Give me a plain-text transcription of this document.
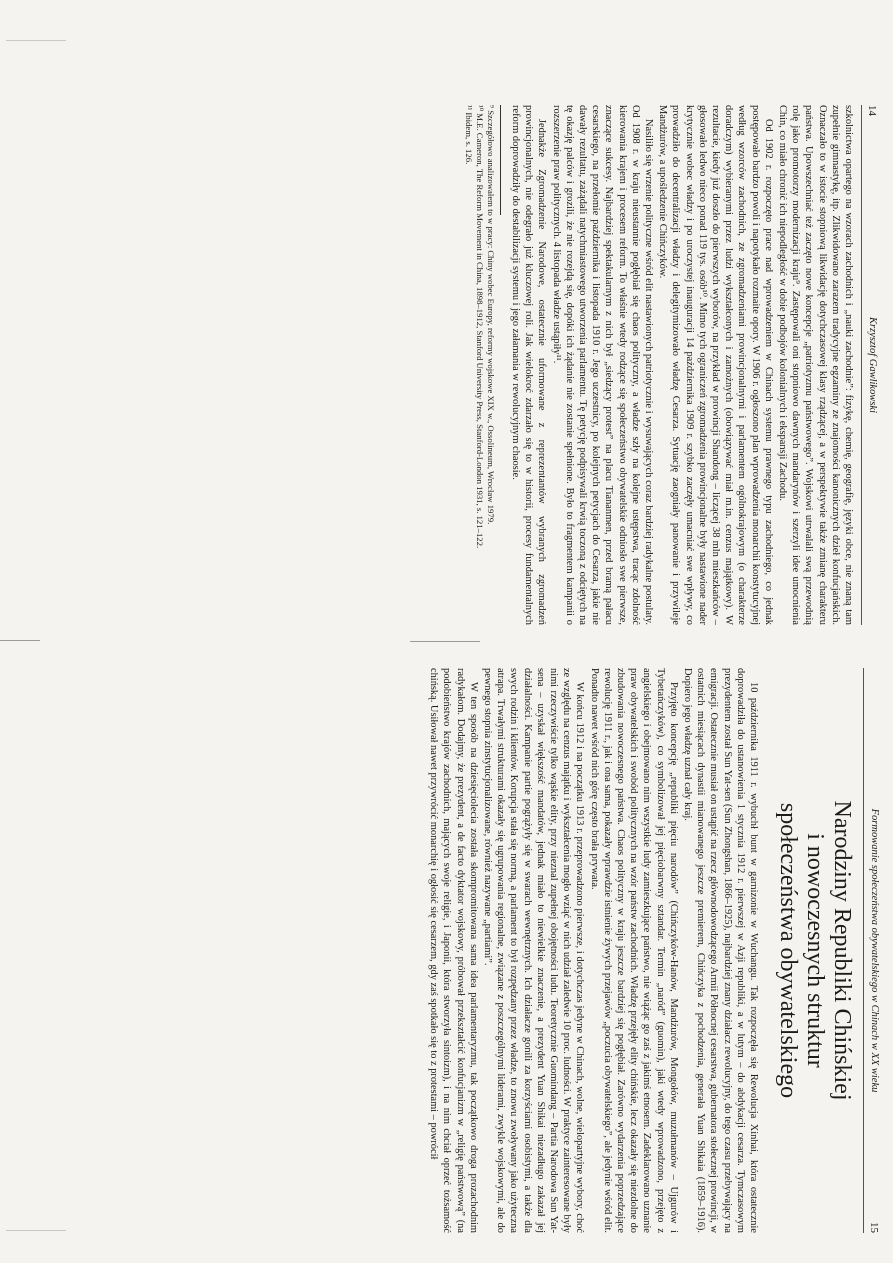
14
Krzysztof Gawlikowski

szkolnictwa opartego na wzorach zachodnich i „nauki zachodnie”: fizykę, chemię, geografię, języki obce, nie znaną tam zupełnie gimnastykę, itp. Zlikwidowano zarazem tradycyjne egzaminy ze znajomości kanonicznych dzieł konfucjańskich. Oznaczało to w istocie stopniową likwidację dotychczasowej klasy rządzącej, a w perspektywie także zmianę charakteru państwa. Upowszechniać też zaczęto nowe koncepcje „patriotyzmu państwowego”. Wojskowi utrwalali swą przewodnią rolę jako promotorzy modernizacji kraju⁹. Zastępowali oni stopniowo dawnych mandarynów i szerzyli idee umocnienia Chin, co miało chronić ich niepodległość w dobie podbojów kolonialnych i ekspansji Zachodu.

Od 1902 r. rozpoczęto prace nad wprowadzeniem w Chinach systemu prawnego typu zachodniego, co jednak postępowało bardzo powoli i napotykało rozmaite opory. W 1906 r. ogłoszono plan wprowadzenia monarchii konstytucyjnej według wzorców zachodnich, ze zgromadzeniami prowincjonalnymi i parlamentem ogólnokrajowym (o charakterze doradczym) wybieranymi przez ludzi wykształconych i zamożnych (obowiązywać miał m.in. cenzus majątkowy). W rezultacie, kiedy już doszło do pierwszych wyborów, na przykład w prowincji Shandong – liczącej 38 mln mieszkańców – głosowało ledwo nieco ponad 119 tys. osób¹⁰. Mimo tych ograniczeń zgromadzenia prowincjonalne były nastawione nader krytycznie wobec władzy i po uroczystej inauguracji 14 października 1909 r. szybko zaczęły umacniać swe wpływy, co prowadziło do decentralizacji władzy i delegitymizowało władzę Cesarza. Sytuację zaogniały panowanie i przywileje Mandżurów, a upośledzenie Chińczyków.

Nasiliło się wrzenie polityczne wśród elit nastawionych patriotycznie i wysuwających coraz bardziej radykalne postulaty. Od 1908 r. w kraju nieustannie pogłębiał się chaos polityczny, a władze szły na kolejne ustępstwa, tracąc zdolność kierowania krajem i procesem reform. To właśnie wtedy rodzące się społeczeństwo obywatelskie odniosło swe pierwsze, znaczące sukcesy. Najbardziej spektakularnym z nich był „siedzący protest” na placu Tiananmen, przed bramą pałacu cesarskiego, na przełomie października i listopada 1910 r. Jego uczestnicy, po kolejnych petycjach do Cesarza, jakie nie dawały rezultatu, zażądali natychmiastowego utworzenia parlamentu. Tę petycję podpisywali krwią toczoną z odciętych na tę okazję palców i grozili, że nie rozejdą się, dopóki ich żądanie nie zostanie spełnione. Było to fragmentem kampanii o rozszerzenie praw politycznych. 4 listopada władze ustąpiły¹¹.

Jednakże Zgromadzenie Narodowe, ostatecznie uformowane z reprezentantów wybranych zgromadzeń prowincjonalnych, nie odegrało już kluczowej roli. Jak wielokroć zdarzało się to w historii, procesy fundamentalnych reform doprowadziły do destabilizacji systemu i jego załamania w rewolucyjnym chaosie.

⁹ Szczegółowo analizowałem to w pracy: Chiny wobec Europy, reformy wojskowe XIX w., Ossolineum, Wrocław 1979.

¹⁰ M.E. Cameron, The Reform Movement in China, 1898–1912, Stanford University Press, Stanford-London 1931, s. 121–122.

¹¹ Ibidem, s. 126.

Formowanie społeczeństwa obywatelskiego w Chinach w XX wieku
15
Narodziny Republiki Chińskiej
i nowoczesnych struktur
społeczeństwa obywatelskiego

10 października 1911 r. wybuchł bunt w garnizonie w Wuchangu. Tak rozpoczęła się Rewolucja Xinhai, która ostatecznie doprowadziła do ustanowienia 1 stycznia 1912 r. pierwszej w Azji republiki, a w lutym – do abdykacji cesarza. Tymczasowym prezydentem został Sun Yat-sen (Sun Zhongshan, 1866–1925), najbardziej znany działacz rewolucyjny, do tego czasu przebywający na emigracji. Ostatecznie musiał on ustąpić na rzecz głównodowodzącego Armii Północnej cesarstwa, gubernatora stołecznej prowincji, w ostatnich miesiącach dynastii mianowanego jeszcze premierem, Chińczyka z pochodzenia, generała Yuan Shikaia (1859–1916). Dopiero jego władzę uznał cały kraj.

Przyjęto koncepcję „republiki pięciu narodów” (Chińczyków-Hanów, Mandżurów, Mongołów, muzułmanów – Ujgurów i Tybetańczyków), co symbolizował jej pięciobarwny sztandar. Termin „naród” (guomin), jaki wtedy wprowadzono, przejęto z angielskiego i obejmowano nim wszystkie ludy zamieszkujące państwo, nie wiążąc go zaś z jakimś etnosem. Zadeklarowano uznanie praw obywatelskich i swobód politycznych na wzór państw zachodnich. Władzę przejęły elity chińskie, lecz okazały się niezdolne do zbudowania nowoczesnego państwa. Chaos polityczny w kraju jeszcze bardziej się pogłębiał. Zarówno wydarzenia poprzedzające rewolucję 1911 r., jak i ona sama, pokazały wprawdzie istnienie żywych przejawów „poczucia obywatelskiego”, ale jedynie wśród elit. Ponadto nawet wśród nich górę często brała prywata.

W końcu 1912 i na początku 1913 r. przeprowadzono pierwsze, i dotychczas jedyne w Chinach, wolne, wielopartyjne wybory, choć ze względu na cenzus majątku i wykształcenia mogło wziąć w nich udział zaledwie 10 proc. ludności. W praktyce zainteresowane były nimi rzeczywiście tylko wąskie elity, przy nieznal zupełnej obojętności ludu. Teoretycznie Guomindang – Partia Narodowa Sun Yat-sena – uzyskał większość mandatów, jednak miało to niewielkie znaczenie, a prezydent Yuan Shikai niezadługo zakazał jej działalności. Kampanie partie pogrążyły się w swarach wewnętrznych. Ich działacze gonili za korzyściami osobistymi, a także dla swych rodzin i klientów. Korupcja stała się normą, a parlament to był rozpędzany przez władze, to znowu zwoływany jako użyteczna atrapa. Trwałymi strukturami okazały się ugrupowania regionalne, związane z poszczególnymi liderami, zwykle wojskowymi, ale do pewnego stopnia zinstytucjonalizowane, również nazywane „partiami”.

W ten sposób na dziesięciolecia została skompromitowana sama idea parlamentaryzmu, tak początkowo droga prozachodnim radykałom. Dodajmy, że prezydent, a de facto dyktator wojskowy, próbował przekształcić konfucjanizm w „religię państwową” (na podobieństwo krajów zachodnich, mających swoje religie, i Japonii, która stworzyła sintoizm), i na nim chciał oprzeć tożsamość chińską. Usiłował nawet przywrócić monarchię i ogłosić się cesarzem, gdy zaś spotkało się to z protestami – powrócił
